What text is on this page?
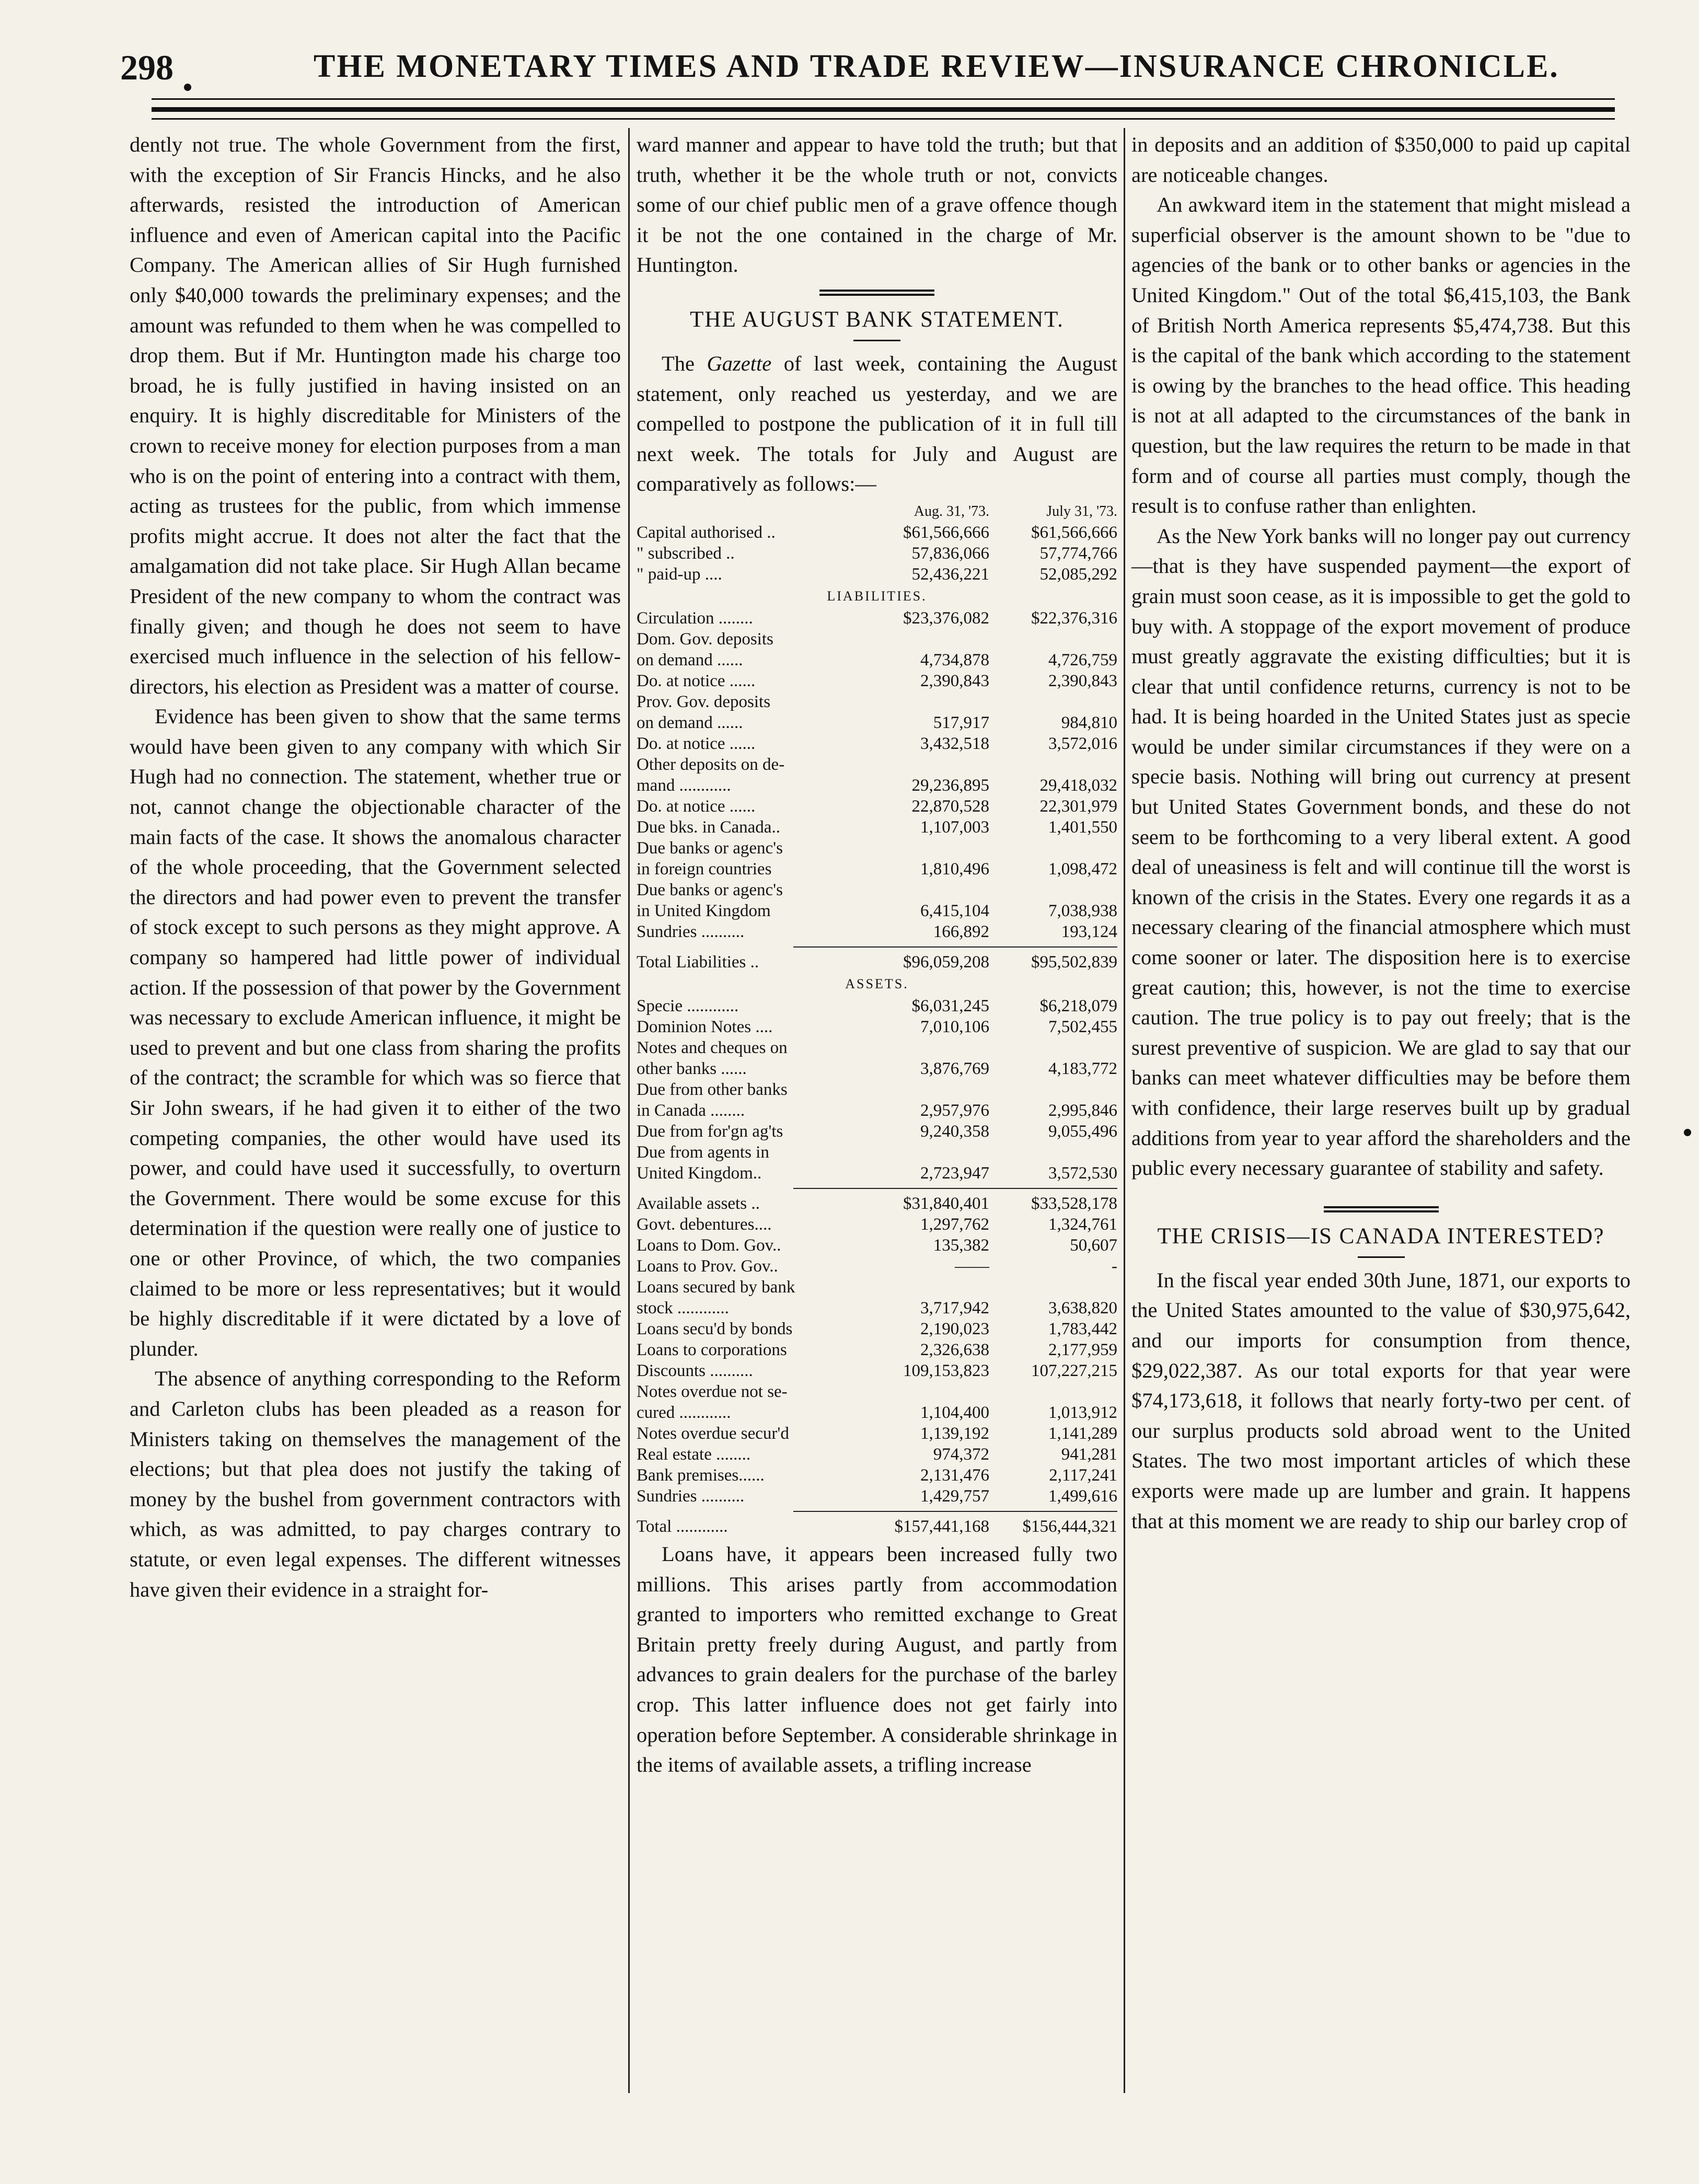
298	THE MONETARY TIMES AND TRADE REVIEW—INSURANCE CHRONICLE.

dently not true. The whole Government from the first, with the exception of Sir Francis Hincks, and he also afterwards, resisted the introduction of American influence and even of American capital into the Pacific Company. The American allies of Sir Hugh furnished only $40,000 towards the preliminary expenses; and the amount was refunded to them when he was compelled to drop them. But if Mr. Huntington made his charge too broad, he is fully justified in having insisted on an enquiry. It is highly discreditable for Ministers of the crown to receive money for election purposes from a man who is on the point of entering into a contract with them, acting as trustees for the public, from which immense profits might accrue. It does not alter the fact that the amalgamation did not take place. Sir Hugh Allan became President of the new company to whom the contract was finally given; and though he does not seem to have exercised much influence in the selection of his fellow-directors, his election as President was a matter of course.

Evidence has been given to show that the same terms would have been given to any company with which Sir Hugh had no connection. The statement, whether true or not, cannot change the objectionable character of the main facts of the case. It shows the anomalous character of the whole proceeding, that the Government selected the directors and had power even to prevent the transfer of stock except to such persons as they might approve. A company so hampered had little power of individual action. If the possession of that power by the Government was necessary to exclude American influence, it might be used to prevent and but one class from sharing the profits of the contract; the scramble for which was so fierce that Sir John swears, if he had given it to either of the two competing companies, the other would have used its power, and could have used it successfully, to overturn the Government. There would be some excuse for this determination if the question were really one of justice to one or other Province, of which, the two companies claimed to be more or less representatives; but it would be highly discreditable if it were dictated by a love of plunder.

The absence of anything corresponding to the Reform and Carleton clubs has been pleaded as a reason for Ministers taking on themselves the management of the elections; but that plea does not justify the taking of money by the bushel from government contractors with which, as was admitted, to pay charges contrary to statute, or even legal expenses. The different witnesses have given their evidence in a straight for-

ward manner and appear to have told the truth; but that truth, whether it be the whole truth or not, convicts some of our chief public men of a grave offence though it be not the one contained in the charge of Mr. Huntington.

THE AUGUST BANK STATEMENT.

The Gazette of last week, containing the August statement, only reached us yesterday, and we are compelled to postpone the publication of it in full till next week. The totals for July and August are comparatively as follows:—

Aug. 31, '73.	July 31, '73.
Capital authorised ..	$61,566,666	$61,566,666
" subscribed ..	57,836,066	57,774,766
" paid-up ....	52,436,221	52,085,292
LIABILITIES.
Circulation ........	$23,376,082	$22,376,316
Dom. Gov. deposits
on demand ......	4,734,878	4,726,759
Do. at notice ......	2,390,843	2,390,843
Prov. Gov. deposits
on demand ......	517,917	984,810
Do. at notice ......	3,432,518	3,572,016
Other deposits on de-
mand ............	29,236,895	29,418,032
Do. at notice ......	22,870,528	22,301,979
Due bks. in Canada..	1,107,003	1,401,550
Due banks or agenc's
in foreign countries	1,810,496	1,098,472
Due banks or agenc's
in United Kingdom	6,415,104	7,038,938
Sundries ..........	166,892	193,124
Total Liabilities ..	$96,059,208	$95,502,839
ASSETS.
Specie ............	$6,031,245	$6,218,079
Dominion Notes ....	7,010,106	7,502,455
Notes and cheques on
other banks ......	3,876,769	4,183,772
Due from other banks
in Canada ........	2,957,976	2,995,846
Due from for'gn ag'ts	9,240,358	9,055,496
Due from agents in
United Kingdom..	2,723,947	3,572,530
Available assets ..	$31,840,401	$33,528,178
Govt. debentures....	1,297,762	1,324,761
Loans to Dom. Gov..	135,382	50,607
Loans to Prov. Gov..	——	-
Loans secured by bank
stock ............	3,717,942	3,638,820
Loans secu'd by bonds	2,190,023	1,783,442
Loans to corporations	2,326,638	2,177,959
Discounts ..........	109,153,823	107,227,215
Notes overdue not se-
cured ............	1,104,400	1,013,912
Notes overdue secur'd	1,139,192	1,141,289
Real estate ........	974,372	941,281
Bank premises......	2,131,476	2,117,241
Sundries ..........	1,429,757	1,499,616
Total ............	$157,441,168	$156,444,321

Loans have, it appears been increased fully two millions. This arises partly from accommodation granted to importers who remitted exchange to Great Britain pretty freely during August, and partly from advances to grain dealers for the purchase of the barley crop. This latter influence does not get fairly into operation before September. A considerable shrinkage in the items of available assets, a trifling increase

in deposits and an addition of $350,000 to paid up capital are noticeable changes.

An awkward item in the statement that might mislead a superficial observer is the amount shown to be "due to agencies of the bank or to other banks or agencies in the United Kingdom." Out of the total $6,415,103, the Bank of British North America represents $5,474,738. But this is the capital of the bank which according to the statement is owing by the branches to the head office. This heading is not at all adapted to the circumstances of the bank in question, but the law requires the return to be made in that form and of course all parties must comply, though the result is to confuse rather than enlighten.

As the New York banks will no longer pay out currency—that is they have suspended payment—the export of grain must soon cease, as it is impossible to get the gold to buy with. A stoppage of the export movement of produce must greatly aggravate the existing difficulties; but it is clear that until confidence returns, currency is not to be had. It is being hoarded in the United States just as specie would be under similar circumstances if they were on a specie basis. Nothing will bring out currency at present but United States Government bonds, and these do not seem to be forthcoming to a very liberal extent. A good deal of uneasiness is felt and will continue till the worst is known of the crisis in the States. Every one regards it as a necessary clearing of the financial atmosphere which must come sooner or later. The disposition here is to exercise great caution; this, however, is not the time to exercise caution. The true policy is to pay out freely; that is the surest preventive of suspicion. We are glad to say that our banks can meet whatever difficulties may be before them with confidence, their large reserves built up by gradual additions from year to year afford the shareholders and the public every necessary guarantee of stability and safety.

THE CRISIS—IS CANADA INTERESTED?

In the fiscal year ended 30th June, 1871, our exports to the United States amounted to the value of $30,975,642, and our imports for consumption from thence, $29,022,387. As our total exports for that year were $74,173,618, it follows that nearly forty-two per cent. of our surplus products sold abroad went to the United States. The two most important articles of which these exports were made up are lumber and grain. It happens that at this moment we are ready to ship our barley crop of
